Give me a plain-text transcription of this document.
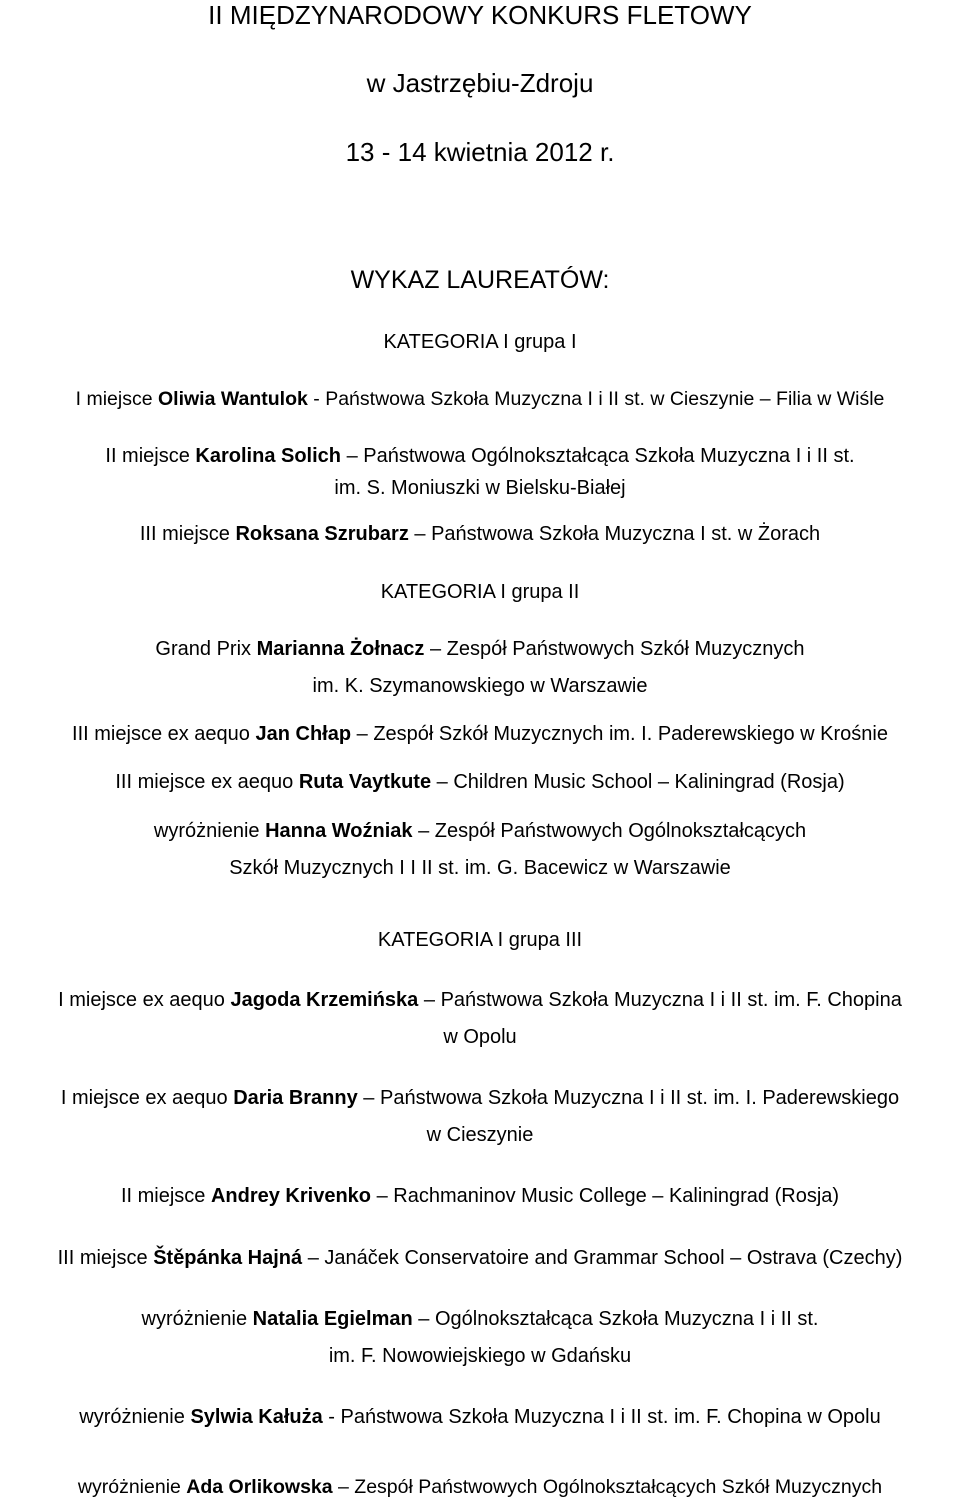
II MIĘDZYNARODOWY KONKURS FLETOWY
w Jastrzębiu-Zdroju
13 - 14 kwietnia 2012 r.
WYKAZ LAUREATÓW:
KATEGORIA I grupa I
I miejsce Oliwia Wantulok - Państwowa Szkoła Muzyczna I i II st. w Cieszynie – Filia w Wiśle
II miejsce Karolina Solich – Państwowa Ogólnokształcąca Szkoła Muzyczna I i II st.
im. S. Moniuszki w Bielsku-Białej
III miejsce Roksana Szrubarz – Państwowa Szkoła Muzyczna I st. w Żorach
KATEGORIA I grupa II
Grand Prix Marianna Żołnacz – Zespół Państwowych Szkół Muzycznych
im. K. Szymanowskiego w Warszawie
III miejsce ex aequo Jan Chłap – Zespół Szkół Muzycznych im. I. Paderewskiego w Krośnie
III miejsce ex aequo Ruta Vaytkute – Children Music School – Kaliningrad (Rosja)
wyróżnienie Hanna Woźniak – Zespół Państwowych Ogólnokształcących
Szkół Muzycznych I I II st. im. G. Bacewicz w Warszawie
KATEGORIA I grupa III
I miejsce ex aequo Jagoda Krzemińska – Państwowa Szkoła Muzyczna I i II st. im. F. Chopina
w Opolu
I miejsce ex aequo Daria Branny – Państwowa Szkoła Muzyczna I i II st. im. I. Paderewskiego
w Cieszynie
II miejsce Andrey Krivenko – Rachmaninov Music College – Kaliningrad (Rosja)
III miejsce Štěpánka Hajná – Janáček Conservatoire and Grammar School – Ostrava (Czechy)
wyróżnienie Natalia Egielman – Ogólnokształcąca Szkoła Muzyczna I i II st.
im. F. Nowowiejskiego w Gdańsku
wyróżnienie Sylwia Kałuża - Państwowa Szkoła Muzyczna I i II st. im. F. Chopina w Opolu
wyróżnienie Ada Orlikowska – Zespół Państwowych Ogólnokształcących Szkół Muzycznych
